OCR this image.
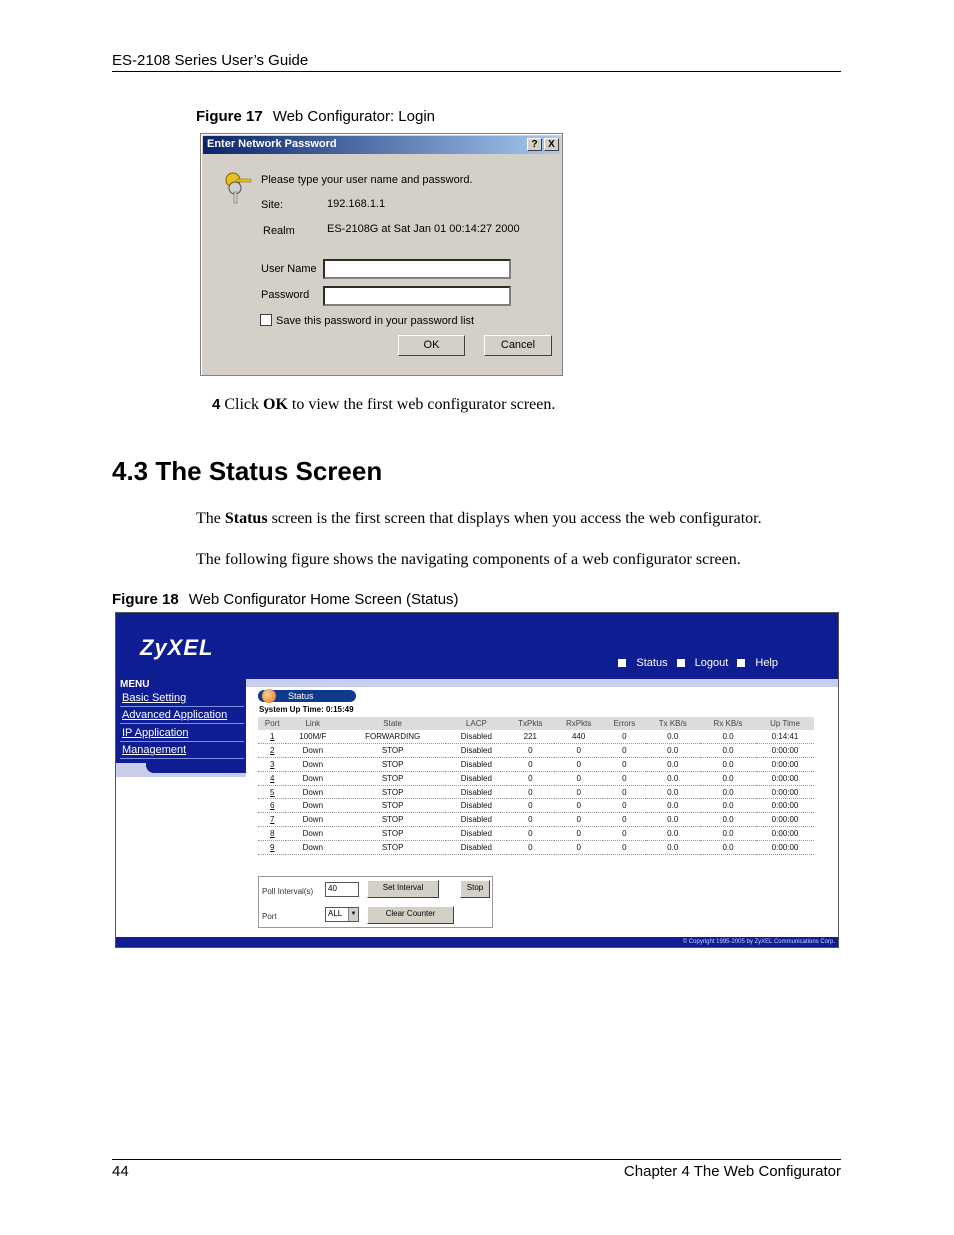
ES-2108 Series User’s Guide
Figure 17 Web Configurator: Login
Enter Network Password	?	X
Please type your user name and password.
Site:	192.168.1.1
Realm	ES-2108G at Sat Jan 01 00:14:27 2000
User Name
Password
Save this password in your password list
OK	Cancel
4 Click OK to view the first web configurator screen.
4.3 The Status Screen
The Status screen is the first screen that displays when you access the web configurator.
The following figure shows the navigating components of a web configurator screen.
Figure 18 Web Configurator Home Screen (Status)
ZyXEL
Status Logout Help
MENU
Basic Setting
Advanced Application
IP Application
Management
Status
System Up Time: 0:15:49
Port	Link	State	LACP	TxPkts	RxPkts	Errors	Tx KB/s	Rx KB/s	Up Time
1	100M/F	FORWARDING	Disabled	221	440	0	0.0	0.0	0:14:41
2	Down	STOP	Disabled	0	0	0	0.0	0.0	0:00:00
3	Down	STOP	Disabled	0	0	0	0.0	0.0	0:00:00
4	Down	STOP	Disabled	0	0	0	0.0	0.0	0:00:00
5	Down	STOP	Disabled	0	0	0	0.0	0.0	0:00:00
6	Down	STOP	Disabled	0	0	0	0.0	0.0	0:00:00
7	Down	STOP	Disabled	0	0	0	0.0	0.0	0:00:00
8	Down	STOP	Disabled	0	0	0	0.0	0.0	0:00:00
9	Down	STOP	Disabled	0	0	0	0.0	0.0	0:00:00
Poll Interval(s)	40	Set Interval	Stop
Port	ALL	▼	Clear Counter
© Copyright 1995-2005 by ZyXEL Communications Corp.
44	Chapter 4 The Web Configurator
